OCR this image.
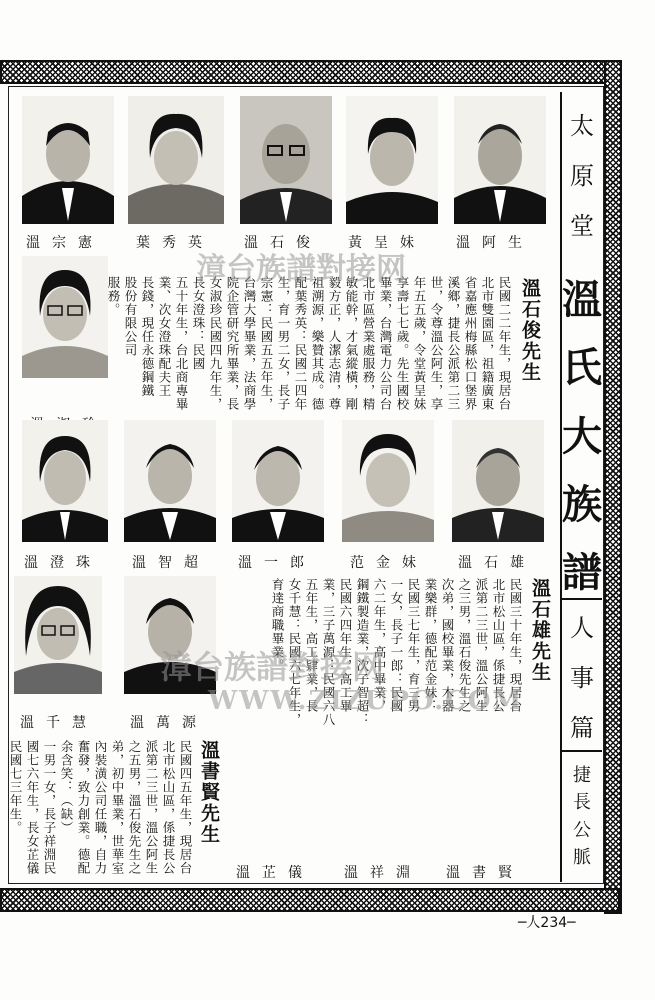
太
原
堂
溫
氏
大
族
譜
人
事
篇
捷
長
公
脈
溫宗憲 葉秀英 溫石俊 黃呈妹 溫阿生
溫石俊先生
民國二二年生，現居台
北市雙園區，祖籍廣東
省嘉應州梅縣松口堡界
溪鄉，捷長公派第二三
世，令尊溫公阿生，享
年五五歲，令堂黃呈妹
享壽七七歲。先生國校
畢業，台灣電力公司台
北市區營業處服務，精
敏能幹，才氣縱橫，剛
毅方正，人潔志清，尊
祖溯源，樂贊其成。德
配葉秀英：民國二四年
生，育一男二女，長子
宗憲：民國五五年生，
台灣大學畢業，法商學
院企管研究所畢業，長
女淑珍民國四九年生，
長女澄珠：民國
五十年生，台北商專畢
業、次女澄珠配夫王
長錢，現任永德鋼鐵
股份有限公司
服務。
溫澄珠 溫智超 溫一郎 范金妹 溫石雄
溫石雄先生
民國三十年生，現居台
北市松山區，係捷長公
派第二三世，溫公阿生
之三男，溫石俊先生之
次弟，國校畢業，木器
業樂群，德配范金妹：
民國三七年生，育三男
一女，長子一郎：民國
六二年生，高中畢業，
鋼鐵製造業，次子智超：
民國六四年生，高工畢
業，三子萬源：民國六八
五年生，高工肄業，長
女千慧：民國六七年生，
育達商職畢業。
溫千慧 溫萬源
溫書賢先生
民國四五年生，現居台
北市松山區，係捷長公
派第二三世，溫公阿生
之五男，溫石俊先生之
弟，初中畢業，世華室
內裝潢公司任職，自力
奮發，致力創業。德配
余含笑：（缺）
一男一女，長子祥淵民
國七六年生，長女芷儀
民國七三年生。
溫書賢
溫祥淵
溫芷儀
漳台族譜對接网
漳台族譜對接网
WWW.ZIZUPO.COM
─人234─
